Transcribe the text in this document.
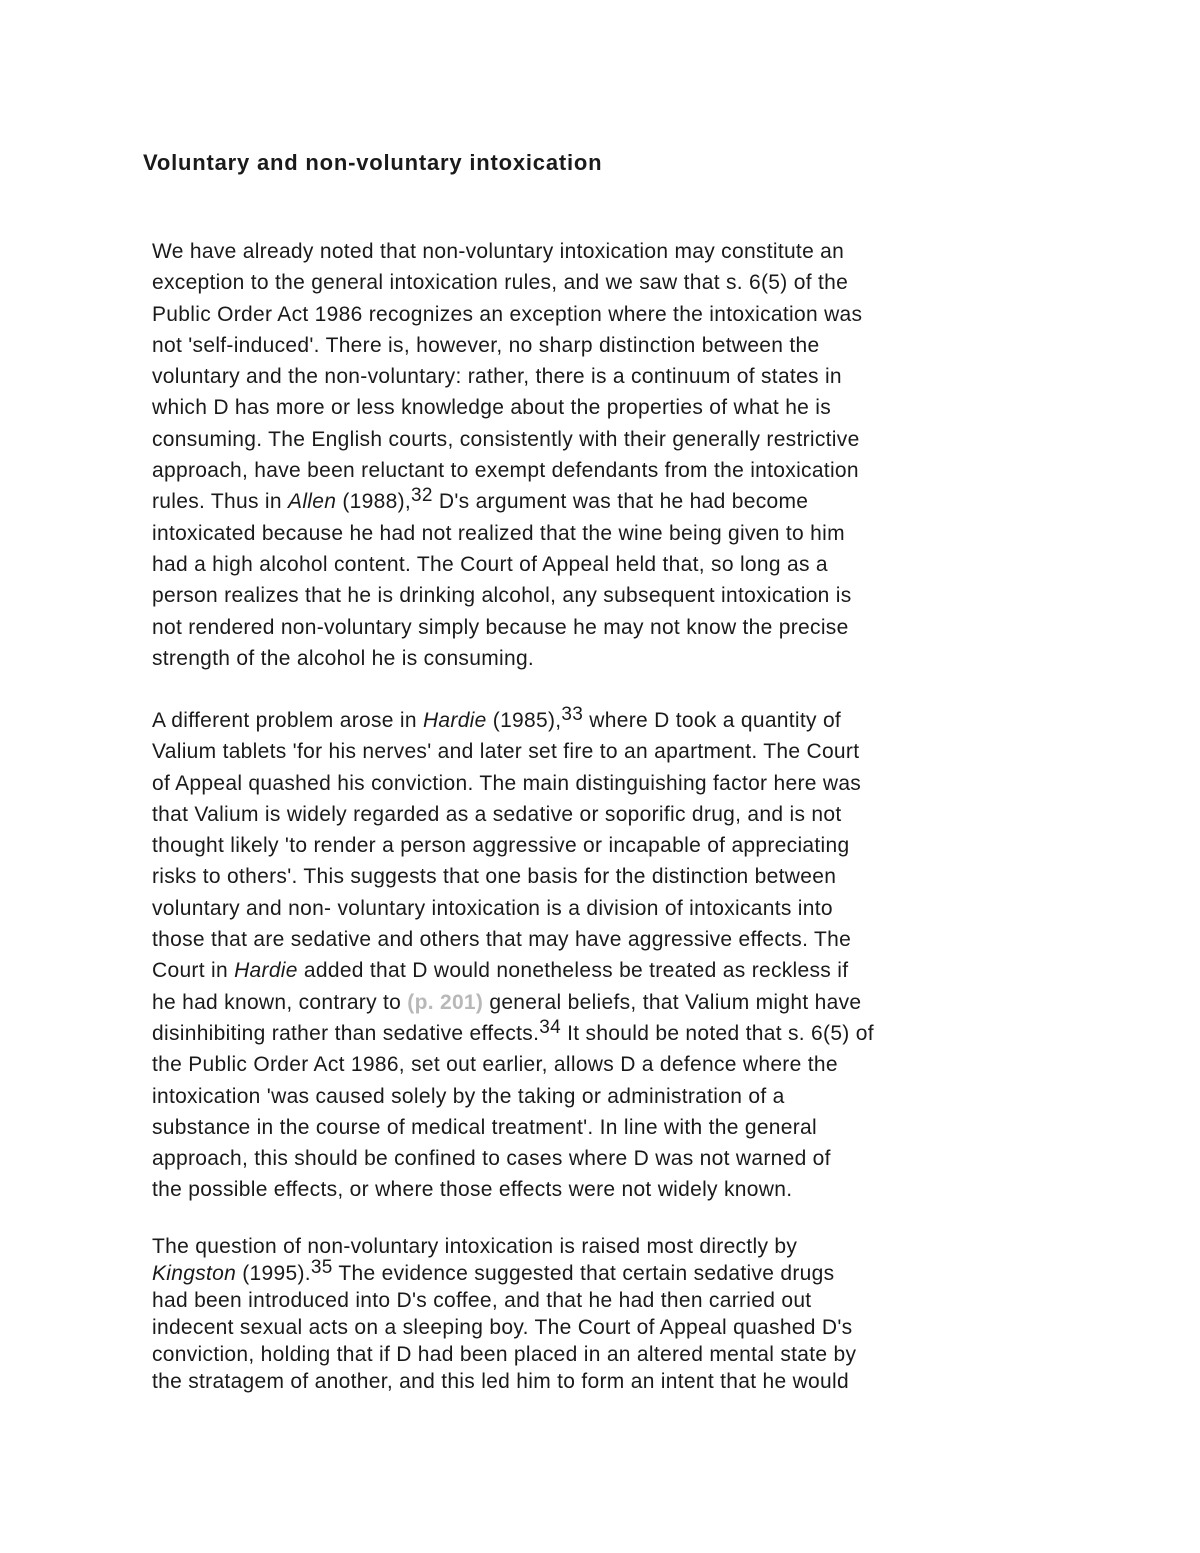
Voluntary and non-voluntary intoxication

We have already noted that non-voluntary intoxication may constitute an
exception to the general intoxication rules, and we saw that s. 6(5) of the
Public Order Act 1986 recognizes an exception where the intoxication was
not 'self-induced'. There is, however, no sharp distinction between the
voluntary and the non-voluntary: rather, there is a continuum of states in
which D has more or less knowledge about the properties of what he is
consuming. The English courts, consistently with their generally restrictive
approach, have been reluctant to exempt defendants from the intoxication
rules. Thus in Allen (1988),$^{32}$ D's argument was that he had become
intoxicated because he had not realized that the wine being given to him
had a high alcohol content. The Court of Appeal held that, so long as a
person realizes that he is drinking alcohol, any subsequent intoxication is
not rendered non-voluntary simply because he may not know the precise
strength of the alcohol he is consuming.

A different problem arose in Hardie (1985),$^{33}$ where D took a quantity of
Valium tablets 'for his nerves' and later set fire to an apartment. The Court
of Appeal quashed his conviction. The main distinguishing factor here was
that Valium is widely regarded as a sedative or soporific drug, and is not
thought likely 'to render a person aggressive or incapable of appreciating
risks to others'. This suggests that one basis for the distinction between
voluntary and non- voluntary intoxication is a division of intoxicants into
those that are sedative and others that may have aggressive effects. The
Court in Hardie added that D would nonetheless be treated as reckless if
he had known, contrary to (p. 201) general beliefs, that Valium might have
disinhibiting rather than sedative effects.$^{34}$ It should be noted that s. 6(5) of
the Public Order Act 1986, set out earlier, allows D a defence where the
intoxication 'was caused solely by the taking or administration of a
substance in the course of medical treatment'. In line with the general
approach, this should be confined to cases where D was not warned of
the possible effects, or where those effects were not widely known.

The question of non-voluntary intoxication is raised most directly by
Kingston (1995).$^{35}$ The evidence suggested that certain sedative drugs
had been introduced into D's coffee, and that he had then carried out
indecent sexual acts on a sleeping boy. The Court of Appeal quashed D's
conviction, holding that if D had been placed in an altered mental state by
the stratagem of another, and this led him to form an intent that he would
